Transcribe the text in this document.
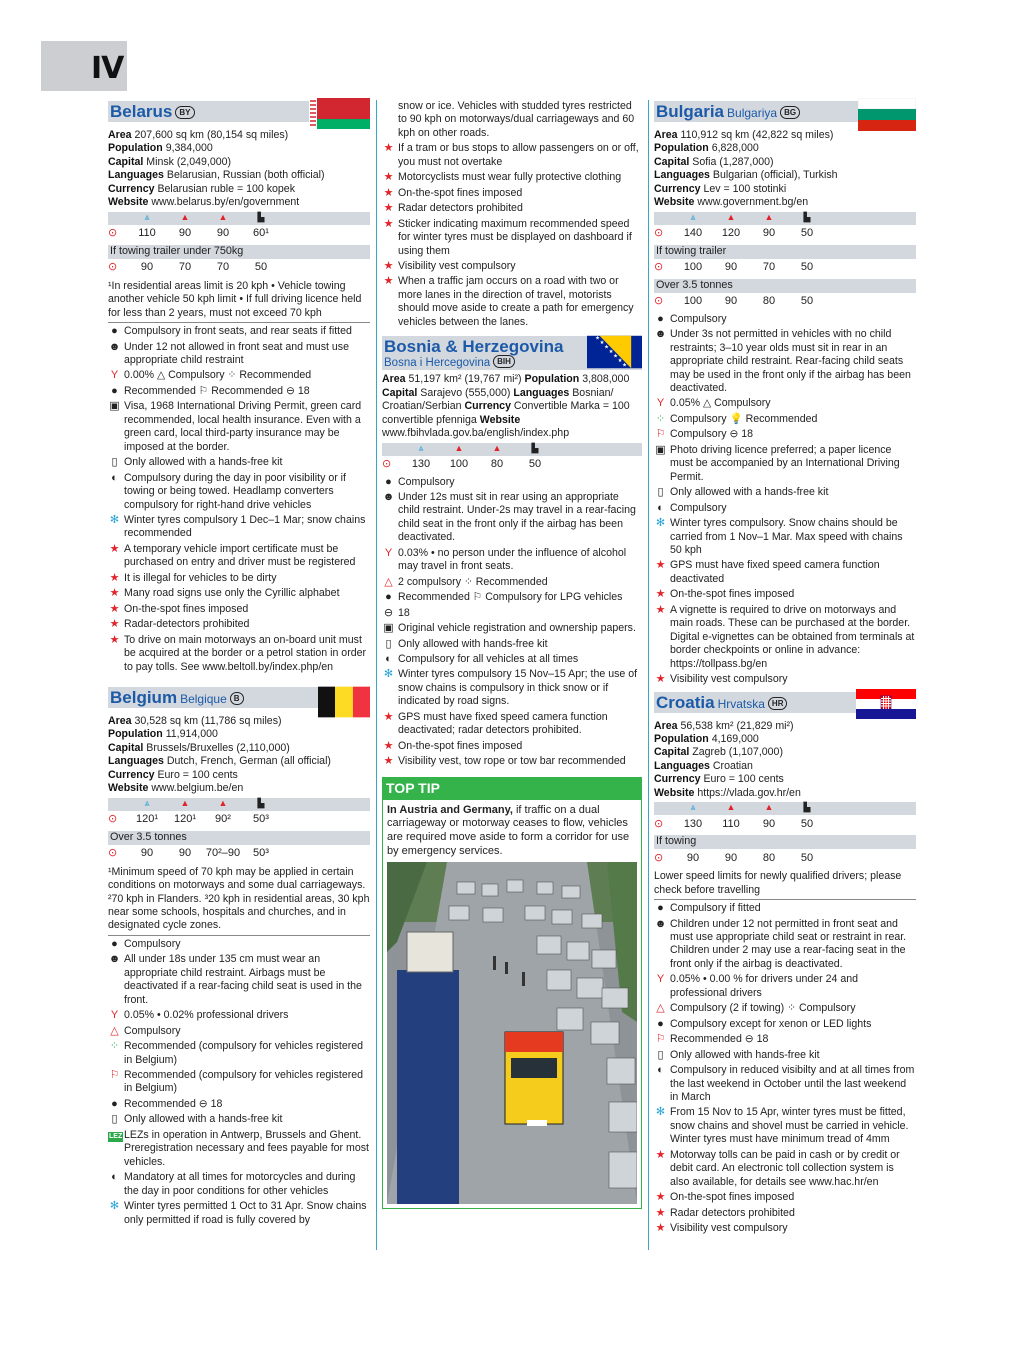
IV
Belarus BY

Area 207,600 sq km (80,154 sq miles)

Population 9,384,000

Capital Minsk (2,049,000)

Languages Belarusian, Russian (both official)

Currency Belarusian ruble = 100 kopek

Website www.belarus.by/en/government

⩓	▲	▲	▙
⊙	110	90	90	60¹
If towing trailer under 750kg
⊙	90	70	70	50
¹In residential areas limit is 20 kph • Vehicle towing another vehicle 50 kph limit • If full driving licence held for less than 2 years, must not exceed 70 kph
● Compulsory in front seats, and rear seats if fitted
☻ Under 12 not allowed in front seat and must use appropriate child restraint
Y 0.00% △ Compulsory ⁘ Recommended
● Recommended ⚐ Recommended ⊖ 18
▣ Visa, 1968 International Driving Permit, green card recommended, local health insurance. Even with a green card, local third-party insurance may be imposed at the border.
▯ Only allowed with a hands-free kit
◐ Compulsory during the day in poor visibility or if towing or being towed. Headlamp converters compulsory for right-hand drive vehicles
✻ Winter tyres compulsory 1 Dec–1 Mar; snow chains recommended
★ A temporary vehicle import certificate must be purchased on entry and driver must be registered
★ It is illegal for vehicles to be dirty
★ Many road signs use only the Cyrillic alphabet
★ On-the-spot fines imposed
★ Radar-detectors prohibited
★ To drive on main motorways an on-board unit must be acquired at the border or a petrol station in order to pay tolls. See www.beltoll.by/index.php/en
Belgium Belgique B

Area 30,528 sq km (11,786 sq miles)

Population 11,914,000

Capital Brussels/Bruxelles (2,110,000)

Languages Dutch, French, German (all official)

Currency Euro = 100 cents

Website www.belgium.be/en

⩓	▲	▲	▙
⊙	120¹	120¹	90²	50³
Over 3.5 tonnes
⊙	90	90	70²–90	50³
¹Minimum speed of 70 kph may be applied in certain conditions on motorways and some dual carriageways. ²70 kph in Flanders. ³20 kph in residential areas, 30 kph near some schools, hospitals and churches, and in designated cycle zones.
● Compulsory
☻ All under 18s under 135 cm must wear an appropriate child restraint. Airbags must be deactivated if a rear-facing child seat is used in the front.
Y 0.05% • 0.02% professional drivers
△ Compulsory
⁘ Recommended (compulsory for vehicles registered in Belgium)
⚐ Recommended (compulsory for vehicles registered in Belgium)
● Recommended ⊖ 18
▯ Only allowed with a hands-free kit
LEZ LEZs in operation in Antwerp, Brussels and Ghent. Preregistration necessary and fees payable for most vehicles.
◐ Mandatory at all times for motorcycles and during the day in poor conditions for other vehicles
✻ Winter tyres permitted 1 Oct to 31 Apr. Snow chains only permitted if road is fully covered by
snow or ice. Vehicles with studded tyres restricted to 90 kph on motorways/dual carriageways and 60 kph on other roads.
★ If a tram or bus stops to allow passengers on or off, you must not overtake
★ Motorcyclists must wear fully protective clothing
★ On-the-spot fines imposed
★ Radar detectors prohibited
★ Sticker indicating maximum recommended speed for winter tyres must be displayed on dashboard if using them
★ Visibility vest compulsory
★ When a traffic jam occurs on a road with two or more lanes in the direction of travel, motorists should move aside to create a path for emergency vehicles between the lanes.
Bosnia & Herzegovina
Bosna i Hercegovina BIH
★
★
★
★
★
★
★

Area 51,197 km² (19,767 mi²) Population 3,808,000 Capital Sarajevo (555,000) Languages Bosnian/ Croatian/Serbian Currency Convertible Marka = 100 convertible pfenniga Website www.fbihvlada.gov.ba/english/index.php

⩓	▲	▲	▙
⊙	130	100	80	50
● Compulsory
☻ Under 12s must sit in rear using an appropriate child restraint. Under-2s may travel in a rear-facing child seat in the front only if the airbag has been deactivated.
Y 0.03% • no person under the influence of alcohol may travel in front seats.
△ 2 compulsory ⁘ Recommended
● Recommended ⚐ Compulsory for LPG vehicles
⊖ 18
▣ Original vehicle registration and ownership papers.
▯ Only allowed with hands-free kit
◐ Compulsory for all vehicles at all times
✻ Winter tyres compulsory 15 Nov–15 Apr; the use of snow chains is compulsory in thick snow or if indicated by road signs.
★ GPS must have fixed speed camera function deactivated; radar detectors prohibited.
★ On-the-spot fines imposed
★ Visibility vest, tow rope or tow bar recommended
TOP TIP
In Austria and Germany, if traffic on a dual carriageway or motorway ceases to flow, vehicles are required move aside to form a corridor for use by emergency services.
Bulgaria Bulgariya BG

Area 110,912 sq km (42,822 sq miles)

Population 6,828,000

Capital Sofia (1,287,000)

Languages Bulgarian (official), Turkish

Currency Lev = 100 stotinki

Website www.government.bg/en

⩓	▲	▲	▙
⊙	140	120	90	50
If towing trailer
⊙	100	90	70	50
Over 3.5 tonnes
⊙	100	90	80	50
● Compulsory
☻ Under 3s not permitted in vehicles with no child restraints; 3–10 year olds must sit in rear in an appropriate child restraint. Rear-facing child seats may be used in the front only if the airbag has been deactivated.
Y 0.05% △ Compulsory
⁘ Compulsory 💡 Recommended
⚐ Compulsory ⊖ 18
▣ Photo driving licence preferred; a paper licence must be accompanied by an International Driving Permit.
▯ Only allowed with a hands-free kit
◐ Compulsory
✻ Winter tyres compulsory. Snow chains should be carried from 1 Nov–1 Mar. Max speed with chains 50 kph
★ GPS must have fixed speed camera function deactivated
★ On-the-spot fines imposed
★ A vignette is required to drive on motorways and main roads. These can be purchased at the border. Digital e-vignettes can be obtained from terminals at border checkpoints or online in advance: https://tollpass.bg/en
★ Visibility vest compulsory
Croatia Hrvatska HR

Area 56,538 km² (21,829 mi²)

Population 4,169,000

Capital Zagreb (1,107,000)

Languages Croatian

Currency Euro = 100 cents

Website https://vlada.gov.hr/en

⩓	▲	▲	▙
⊙	130	110	90	50
If towing
⊙	90	90	80	50
Lower speed limits for newly qualified drivers; please check before travelling
● Compulsory if fitted
☻ Children under 12 not permitted in front seat and must use appropriate child seat or restraint in rear. Children under 2 may use a rear-facing seat in the front only if the airbag is deactivated.
Y 0.05% • 0.00 % for drivers under 24 and professional drivers
△ Compulsory (2 if towing) ⁘ Compulsory
● Compulsory except for xenon or LED lights
⚐ Recommended ⊖ 18
▯ Only allowed with hands-free kit
◐ Compulsory in reduced visibilty and at all times from the last weekend in October until the last weekend in March
✻ From 15 Nov to 15 Apr, winter tyres must be fitted, snow chains and shovel must be carried in vehicle. Winter tyres must have minimum tread of 4mm
★ Motorway tolls can be paid in cash or by credit or debit card. An electronic toll collection system is also available, for details see www.hac.hr/en
★ On-the-spot fines imposed
★ Radar detectors prohibited
★ Visibility vest compulsory
